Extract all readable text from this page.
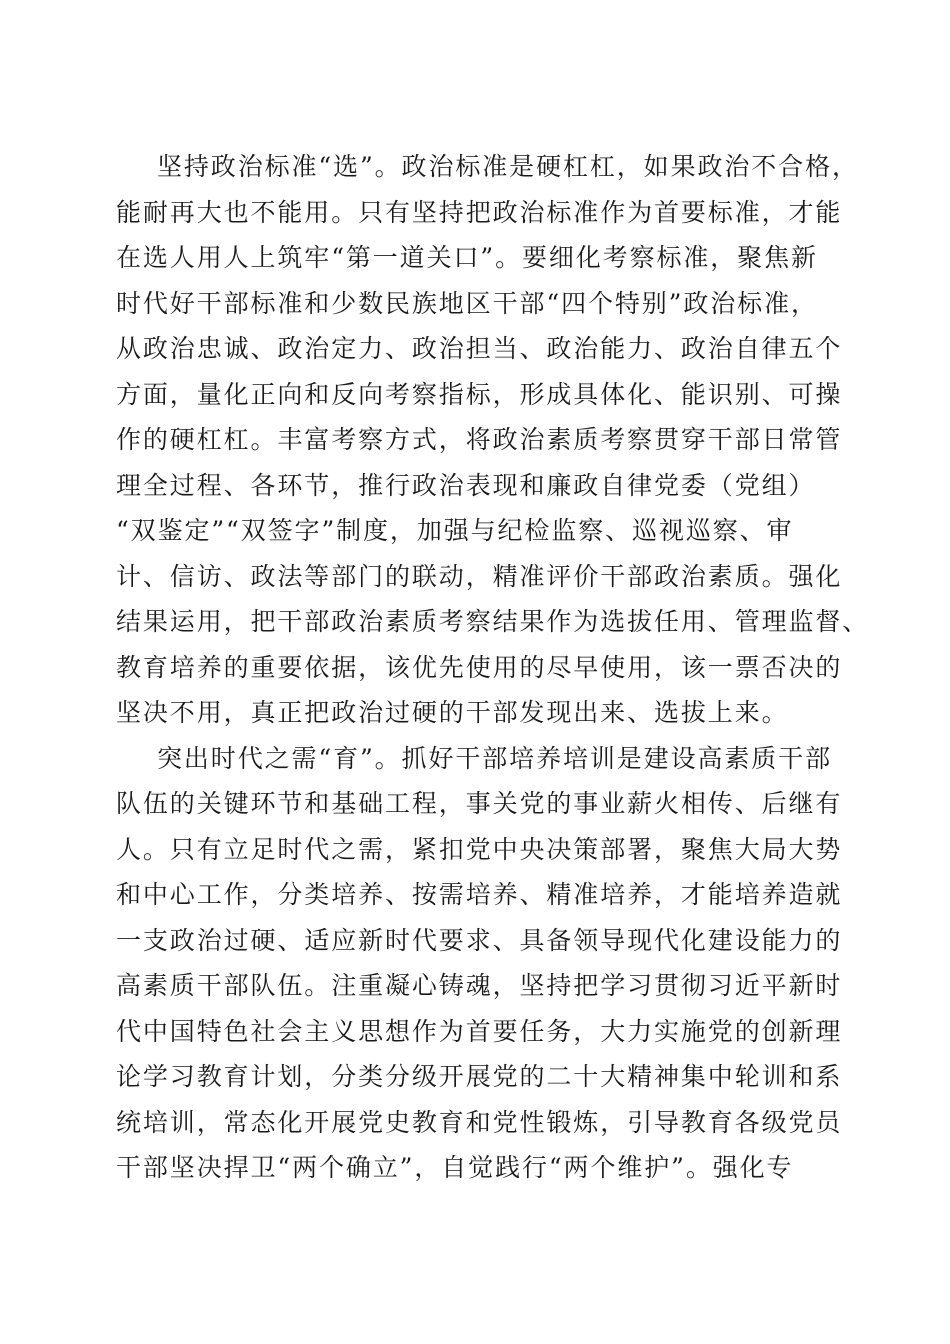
坚持政治标准“选”。政治标准是硬杠杠，如果政治不合格，
能耐再大也不能用。只有坚持把政治标准作为首要标准，才能
在选人用人上筑牢“第一道关口”。要细化考察标准，聚焦新
时代好干部标准和少数民族地区干部“四个特别”政治标准，
从政治忠诚、政治定力、政治担当、政治能力、政治自律五个
方面，量化正向和反向考察指标，形成具体化、能识别、可操
作的硬杠杠。丰富考察方式，将政治素质考察贯穿干部日常管
理全过程、各环节，推行政治表现和廉政自律党委（党组）
“双鉴定”“双签字”制度，加强与纪检监察、巡视巡察、审
计、信访、政法等部门的联动，精准评价干部政治素质。强化
结果运用，把干部政治素质考察结果作为选拔任用、管理监督、
教育培养的重要依据，该优先使用的尽早使用，该一票否决的
坚决不用，真正把政治过硬的干部发现出来、选拔上来。
突出时代之需“育”。抓好干部培养培训是建设高素质干部
队伍的关键环节和基础工程，事关党的事业薪火相传、后继有
人。只有立足时代之需，紧扣党中央决策部署，聚焦大局大势
和中心工作，分类培养、按需培养、精准培养，才能培养造就
一支政治过硬、适应新时代要求、具备领导现代化建设能力的
高素质干部队伍。注重凝心铸魂，坚持把学习贯彻习近平新时
代中国特色社会主义思想作为首要任务，大力实施党的创新理
论学习教育计划，分类分级开展党的二十大精神集中轮训和系
统培训，常态化开展党史教育和党性锻炼，引导教育各级党员
干部坚决捍卫“两个确立”，自觉践行“两个维护”。强化专
